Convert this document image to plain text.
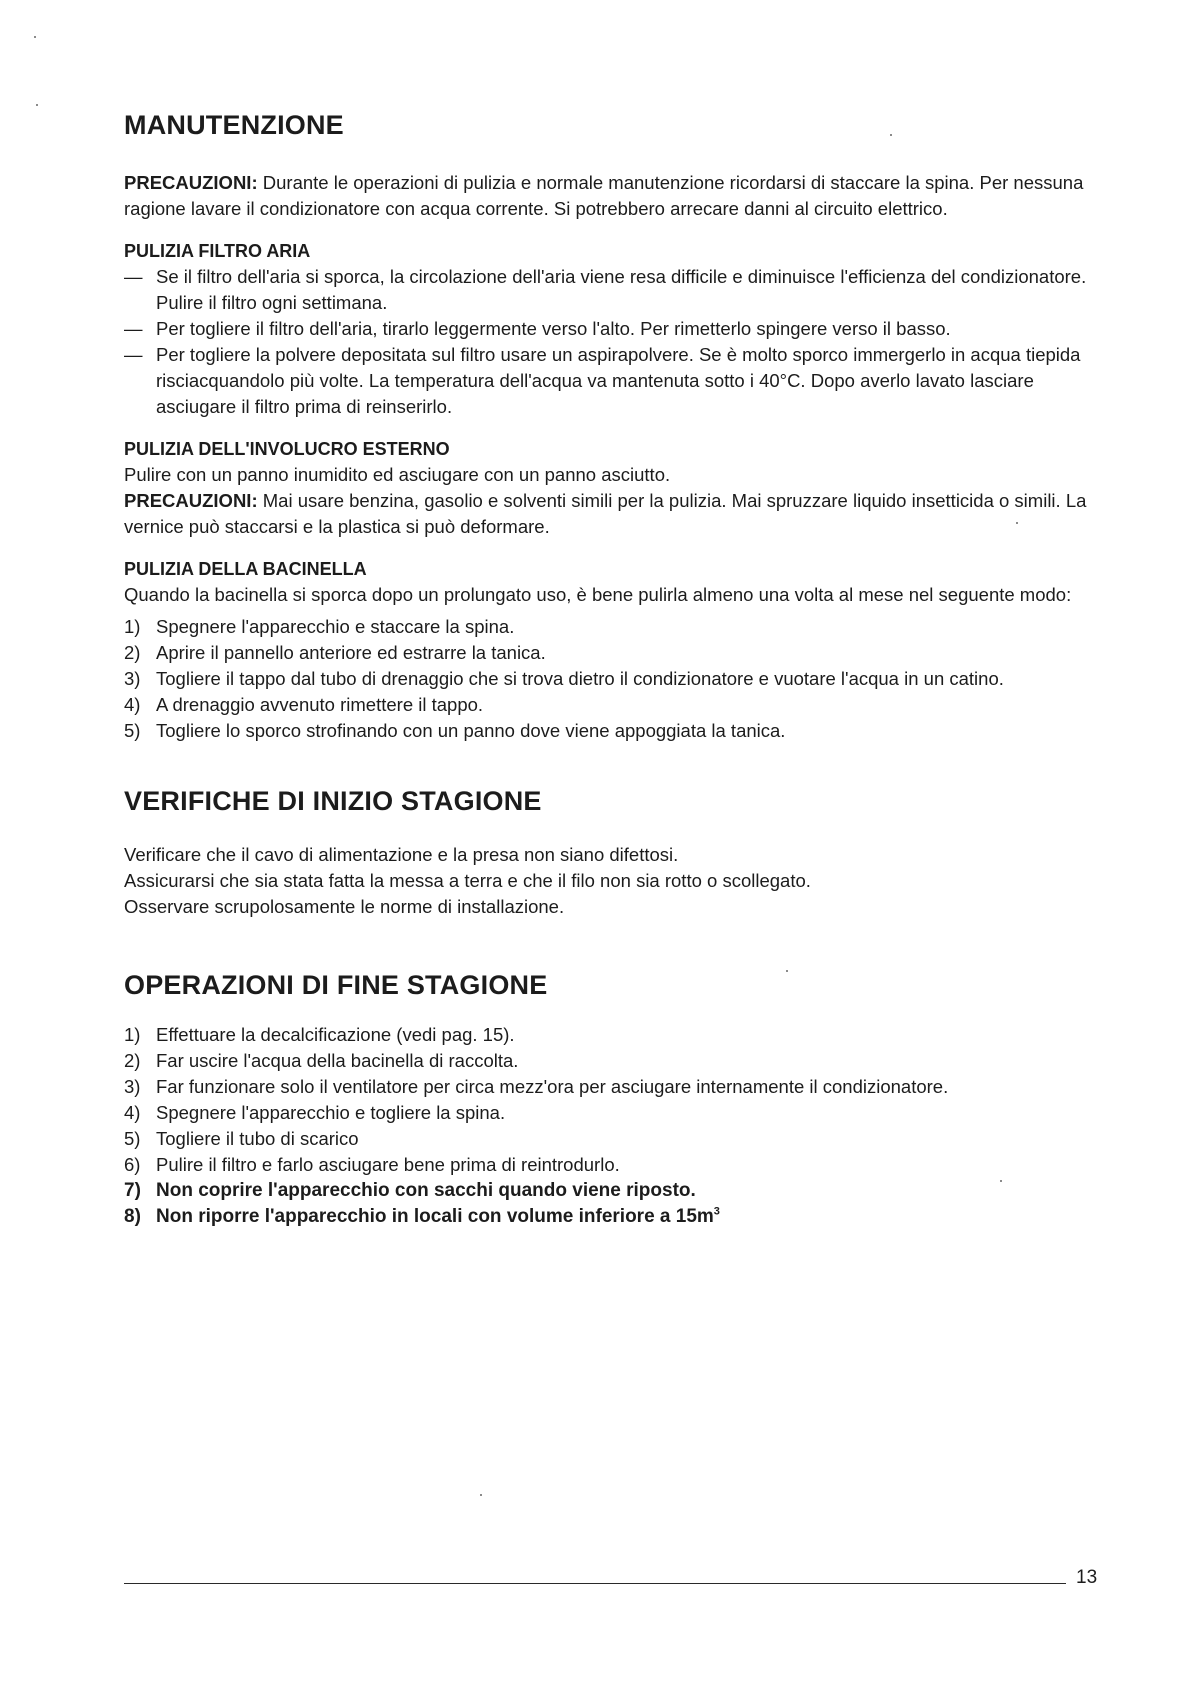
MANUTENZIONE

PRECAUZIONI: Durante le operazioni di pulizia e normale manutenzione ricordarsi di staccare la spina. Per nessuna ragione lavare il condizionatore con acqua corrente. Si potrebbero arrecare danni al circuito elettrico.

PULIZIA FILTRO ARIA
— Se il filtro dell'aria si sporca, la circolazione dell'aria viene resa difficile e diminuisce l'efficienza del condizionatore. Pulire il filtro ogni settimana.
— Per togliere il filtro dell'aria, tirarlo leggermente verso l'alto. Per rimetterlo spingere verso il basso.
— Per togliere la polvere depositata sul filtro usare un aspirapolvere. Se è molto sporco immergerlo in acqua tiepida risciacquandolo più volte. La temperatura dell'acqua va mantenuta sotto i 40°C. Dopo averlo lavato lasciare asciugare il filtro prima di reinserirlo.
PULIZIA DELL'INVOLUCRO ESTERNO

Pulire con un panno inumidito ed asciugare con un panno asciutto.

PRECAUZIONI: Mai usare benzina, gasolio e solventi simili per la pulizia. Mai spruzzare liquido insetticida o simili. La vernice può staccarsi e la plastica si può deformare.

PULIZIA DELLA BACINELLA

Quando la bacinella si sporca dopo un prolungato uso, è bene pulirla almeno una volta al mese nel seguente modo:

1) Spegnere l'apparecchio e staccare la spina.
2) Aprire il pannello anteriore ed estrarre la tanica.
3) Togliere il tappo dal tubo di drenaggio che si trova dietro il condizionatore e vuotare l'acqua in un catino.
4) A drenaggio avvenuto rimettere il tappo.
5) Togliere lo sporco strofinando con un panno dove viene appoggiata la tanica.
VERIFICHE DI INIZIO STAGIONE

Verificare che il cavo di alimentazione e la presa non siano difettosi.

Assicurarsi che sia stata fatta la messa a terra e che il filo non sia rotto o scollegato.

Osservare scrupolosamente le norme di installazione.

OPERAZIONI DI FINE STAGIONE
1) Effettuare la decalcificazione (vedi pag. 15).
2) Far uscire l'acqua della bacinella di raccolta.
3) Far funzionare solo il ventilatore per circa mezz'ora per asciugare internamente il condizionatore.
4) Spegnere l'apparecchio e togliere la spina.
5) Togliere il tubo di scarico
6) Pulire il filtro e farlo asciugare bene prima di reintrodurlo.
7) Non coprire l'apparecchio con sacchi quando viene riposto.
8) Non riporre l'apparecchio in locali con volume inferiore a $15m^3$
13
